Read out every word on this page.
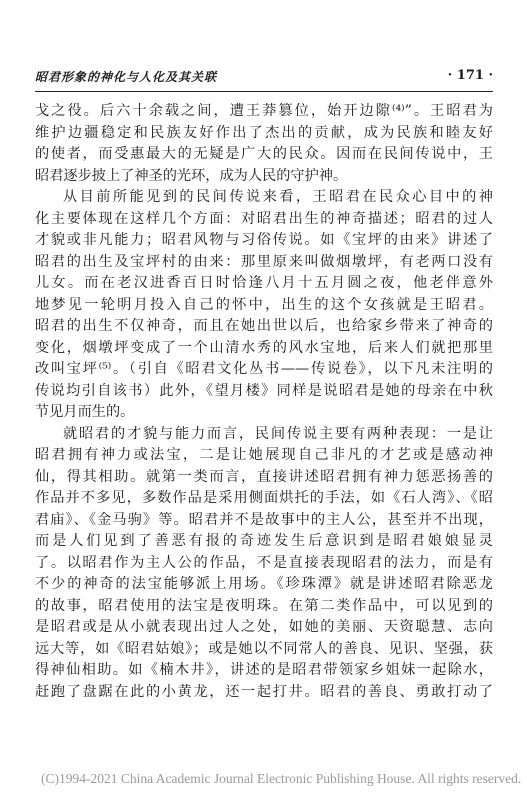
昭君形象的神化与人化及其关联	· 171 ·
戈之役。后六十余载之间，遭王莽篡位，始开边隙⁽⁴⁾”。王昭君为
维护边疆稳定和民族友好作出了杰出的贡献，成为民族和睦友好
的使者，而受惠最大的无疑是广大的民众。因而在民间传说中，王
昭君逐步披上了神圣的光环，成为人民的守护神。
从目前所能见到的民间传说来看，王昭君在民众心目中的神
化主要体现在这样几个方面：对昭君出生的神奇描述；昭君的过人
才貌或非凡能力；昭君风物与习俗传说。如《宝坪的由来》讲述了
昭君的出生及宝坪村的由来：那里原来叫做烟墩坪，有老两口没有
儿女。而在老汉进香百日时恰逢八月十五月圆之夜，他老伴意外
地梦见一轮明月投入自己的怀中，出生的这个女孩就是王昭君。
昭君的出生不仅神奇，而且在她出世以后，也给家乡带来了神奇的
变化，烟墩坪变成了一个山清水秀的风水宝地，后来人们就把那里
改叫宝坪⁽⁵⁾。（引自《昭君文化丛书——传说卷》，以下凡未注明的
传说均引自该书）此外，《望月楼》同样是说昭君是她的母亲在中秋
节见月而生的。
就昭君的才貌与能力而言，民间传说主要有两种表现：一是让
昭君拥有神力或法宝，二是让她展现自己非凡的才艺或是感动神
仙，得其相助。就第一类而言，直接讲述昭君拥有神力惩恶扬善的
作品并不多见，多数作品是采用侧面烘托的手法，如《石人湾》、《昭
君庙》、《金马驹》等。昭君并不是故事中的主人公，甚至并不出现，
而是人们见到了善恶有报的奇迹发生后意识到是昭君娘娘显灵
了。以昭君作为主人公的作品，不是直接表现昭君的法力，而是有
不少的神奇的法宝能够派上用场。《珍珠潭》就是讲述昭君除恶龙
的故事，昭君使用的法宝是夜明珠。在第二类作品中，可以见到的
是昭君或是从小就表现出过人之处，如她的美丽、天资聪慧、志向
远大等，如《昭君姑娘》；或是她以不同常人的善良、见识、坚强，获
得神仙相助。如《楠木井》，讲述的是昭君带领家乡姐妹一起除水，
赶跑了盘踞在此的小黄龙，还一起打井。昭君的善良、勇敢打动了
(C)1994-2021 China Academic Journal Electronic Publishing House. All rights reserved.
